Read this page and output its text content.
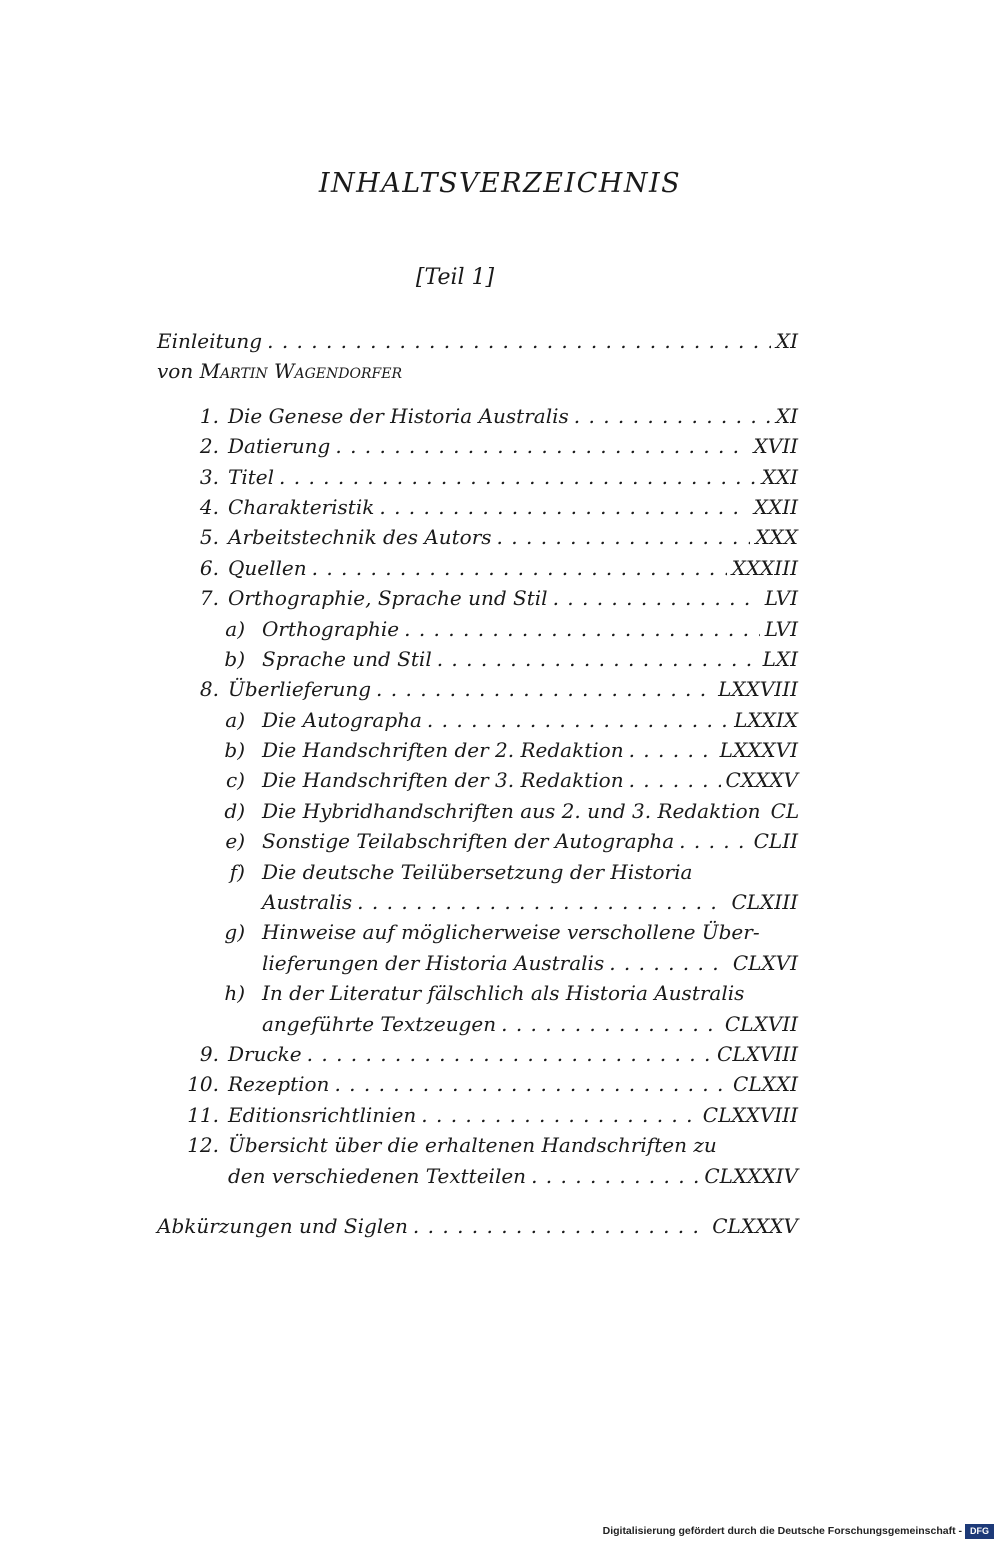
INHALTSVERZEICHNIS
[Teil 1]
Einleitung . . .	XI
von
Martin Wagendorfer
1. Die Genese der Historia Australis . . .	XI
2. Datierung . . .	XVII
3. Titel . . .	XXI
4. Charakteristik . . .	XXII
5. Arbeitstechnik des Autors . . .	XXX
6. Quellen . . .	XXXIII
7. Orthographie, Sprache und Stil . . .	LVI
a) Orthographie . . .	LVI
b) Sprache und Stil . . .	LXI
8. Überlieferung . . .	LXXVIII
a) Die Autographa . . .	LXXIX
b) Die Handschriften der 2. Redaktion . . .	LXXXVI
c) Die Handschriften der 3. Redaktion . . .	CXXXV
d) Die Hybridhandschriften aus 2. und 3. Redaktion CL
e) Sonstige Teilabschriften der Autographa . . .	CLII
f) Die deutsche Teilübersetzung der Historia
Australis . . .	CLXIII
g) Hinweise auf möglicherweise verschollene Über-
lieferungen der Historia Australis . . .	CLXVI
h) In der Literatur fälschlich als Historia Australis
angeführte Textzeugen . . .	CLXVII
9. Drucke . . .	CLXVIII
10. Rezeption . . .	CLXXI
11. Editionsrichtlinien . . .	CLXXVIII
12. Übersicht über die erhaltenen Handschriften zu
den verschiedenen Textteilen . . .	CLXXXIV
Abkürzungen und Siglen . . .	CLXXXV
Digitalisierung gefördert durch die Deutsche Forschungsgemeinschaft - DFG
